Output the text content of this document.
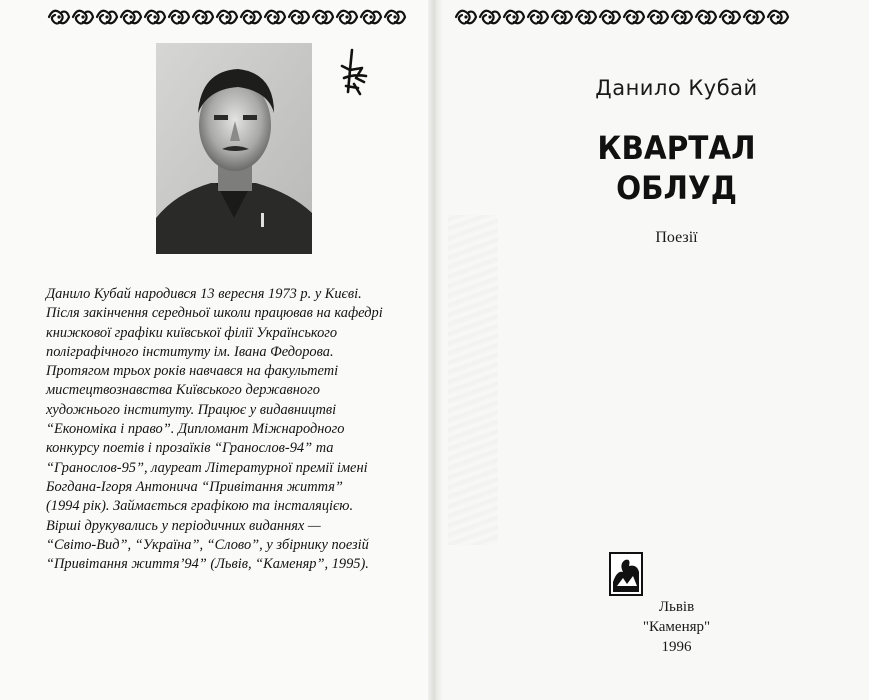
Данило Кубай народився 13 вересня 1973 р. у Києві.
Після закінчення середньої школи працював на кафедрі
книжкової графіки київської філії Українського
поліграфічного інституту ім. Івана Федорова.
Протягом трьох років навчався на факультеті
мистецтвознавства Київського державного
художнього інституту. Працює у видавництві
“Економіка і право”. Дипломант Міжнародного
конкурсу поетів і прозаїків “Гранослов-94” та
“Гранослов-95”, лауреат Літературної премії імені
Богдана-Ігоря Антонича “Привітання життя”
(1994 рік). Займається графікою та інсталяцією.
Вірші друкувались у періодичних виданнях —
“Світо-Вид”, “Україна”, “Слово”, у збірнику поезій
“Привітання життя’94” (Львів, “Каменяр”, 1995).
Данило Кубай
КВАРТАЛ
ОБЛУД
Поезії
Львів
"Каменяр"
1996
